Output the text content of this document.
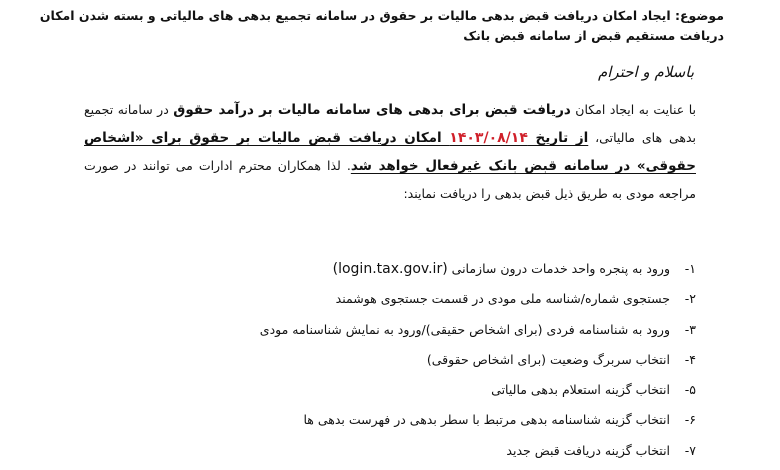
موضوع: ایجاد امکان دریافت قبض بدهی مالیات بر حقوق در سامانه تجمیع بدهی های مالیاتی و بسته شدن امکان دریافت مستقیم قبض از سامانه قبض بانک
باسلام و احترام
با عنایت به ایجاد امکان دریافت قبض برای بدهی های سامانه مالیات بر درآمد حقوق در سامانه تجمیع بدهی های مالیاتی، از تاریخ ۱۴۰۳/۰۸/۱۴ امکان دریافت قبض مالیات بر حقوق برای «اشخاص حقوقی» در سامانه قبض بانک غیرفعال خواهد شد. لذا همکاران محترم ادارات می توانند در صورت مراجعه مودی به طریق ذیل قبض بدهی را دریافت نمایند:
۱- ورود به پنجره واحد خدمات درون سازمانی (login.tax.gov.ir)
۲- جستجوی شماره/شناسه ملی مودی در قسمت جستجوی هوشمند
۳- ورود به شناسنامه فردی (برای اشخاص حقیقی)/ورود به نمایش شناسنامه مودی
۴- انتخاب سربرگ وضعیت (برای اشخاص حقوقی)
۵- انتخاب گزینه استعلام بدهی مالیاتی
۶- انتخاب گزینه شناسنامه بدهی مرتبط با سطر بدهی در فهرست بدهی ها
۷- انتخاب گزینه دریافت قبض جدید
